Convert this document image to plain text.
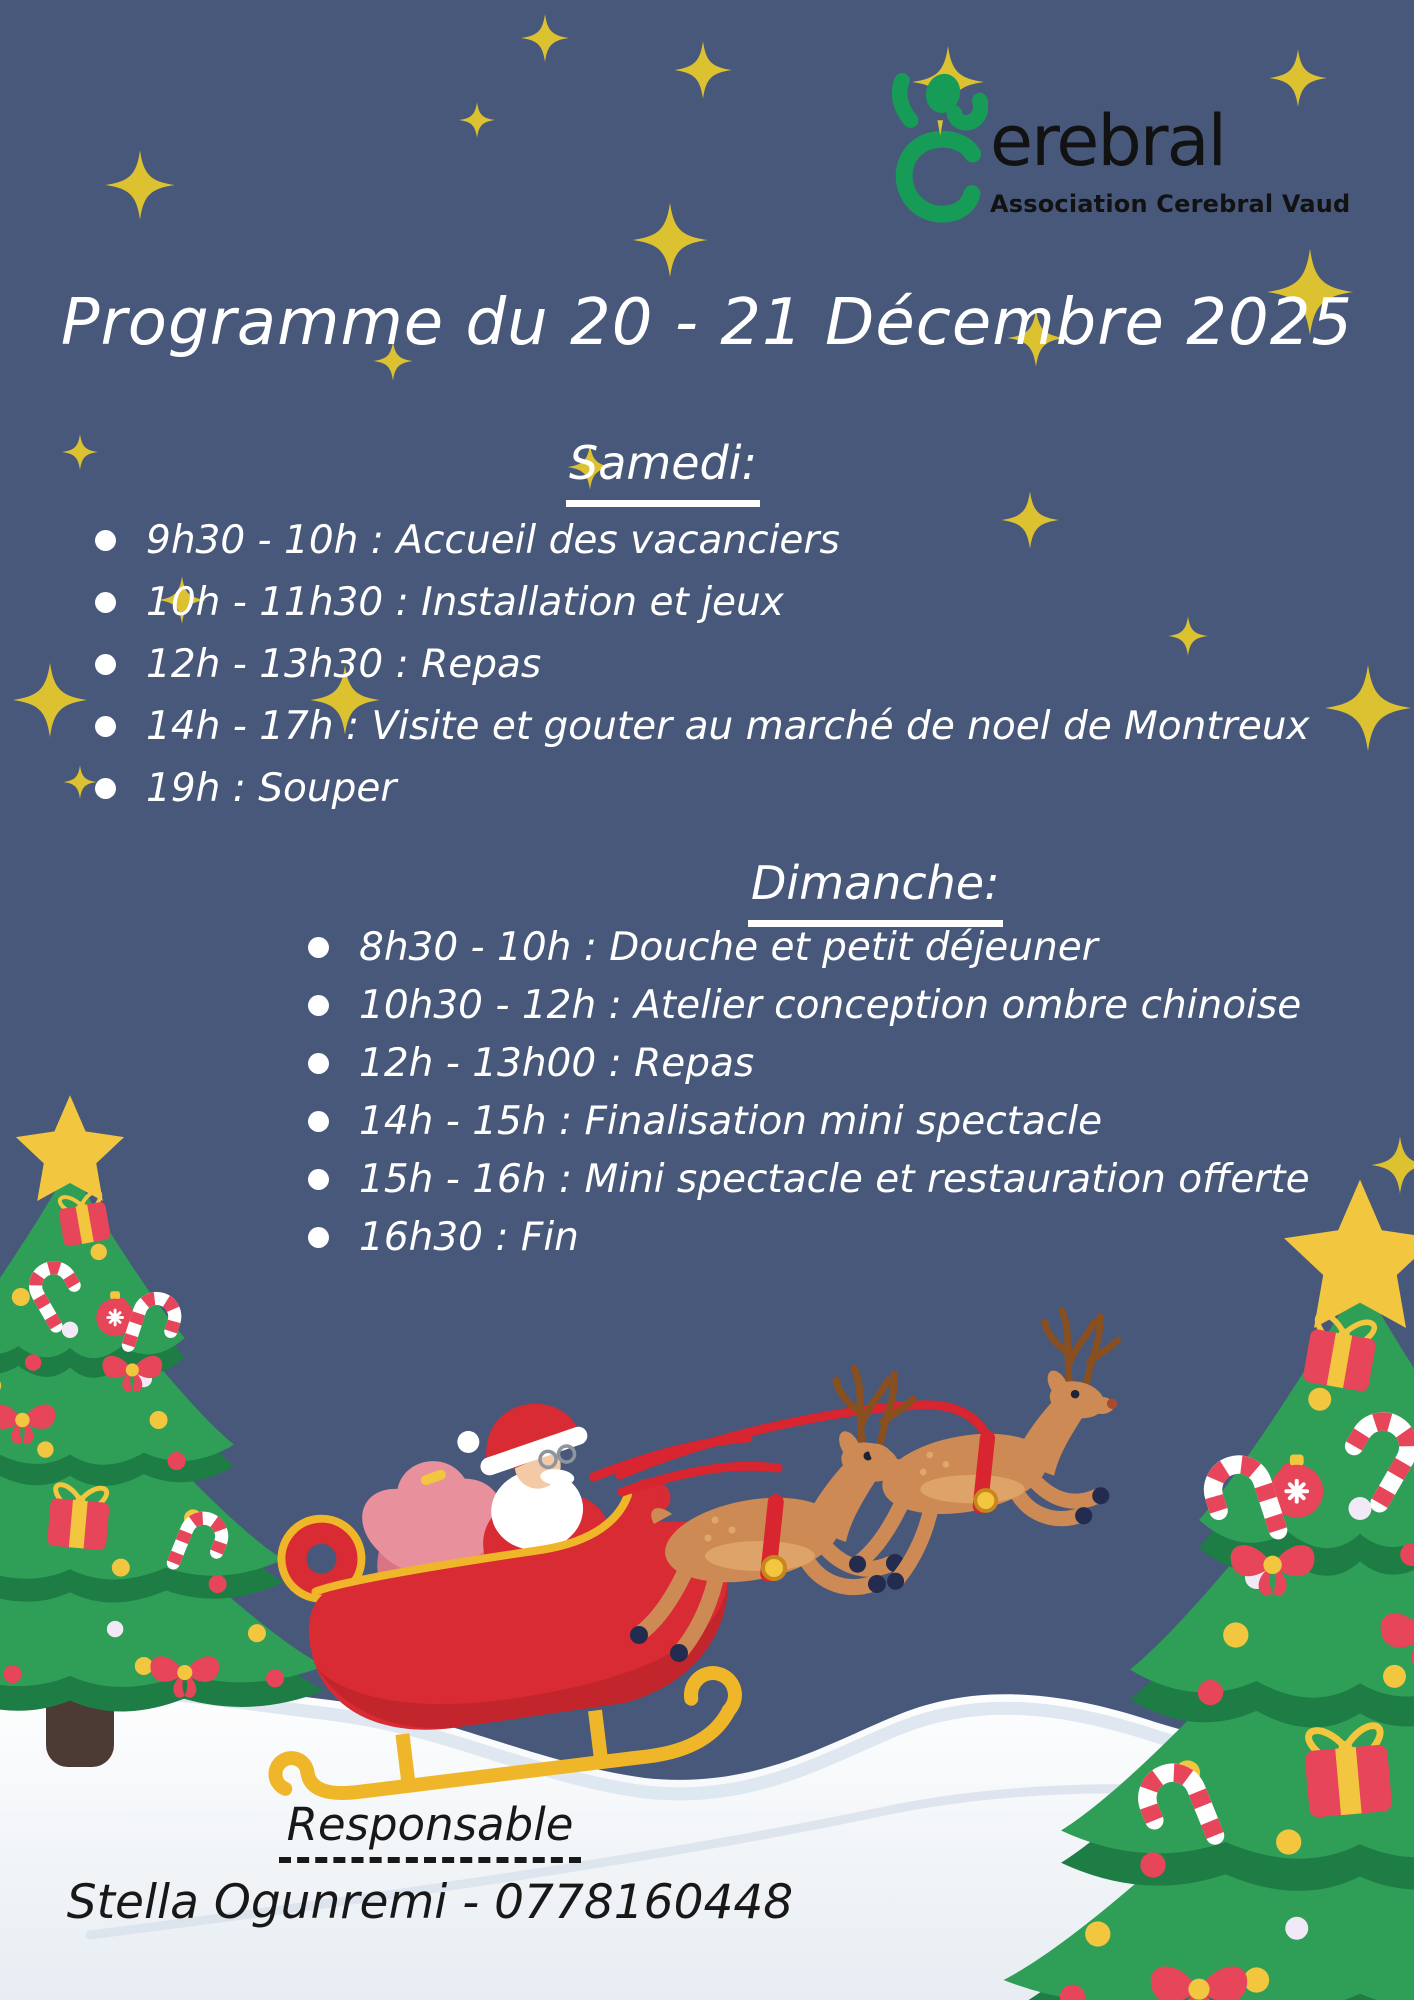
erebral
Association Cerebral Vaud
Programme du 20 - 21 Décembre 2025
Samedi:
9h30 - 10h : Accueil des vacanciers
10h - 11h30 : Installation et jeux
12h - 13h30 : Repas
14h - 17h : Visite et gouter au marché de noel de Montreux
19h : Souper
Dimanche:
8h30 - 10h : Douche et petit déjeuner
10h30 - 12h : Atelier conception ombre chinoise
12h - 13h00 : Repas
14h - 15h : Finalisation mini spectacle
15h - 16h : Mini spectacle et restauration offerte
16h30 : Fin
Responsable

Stella Ogunremi - 0778160448
